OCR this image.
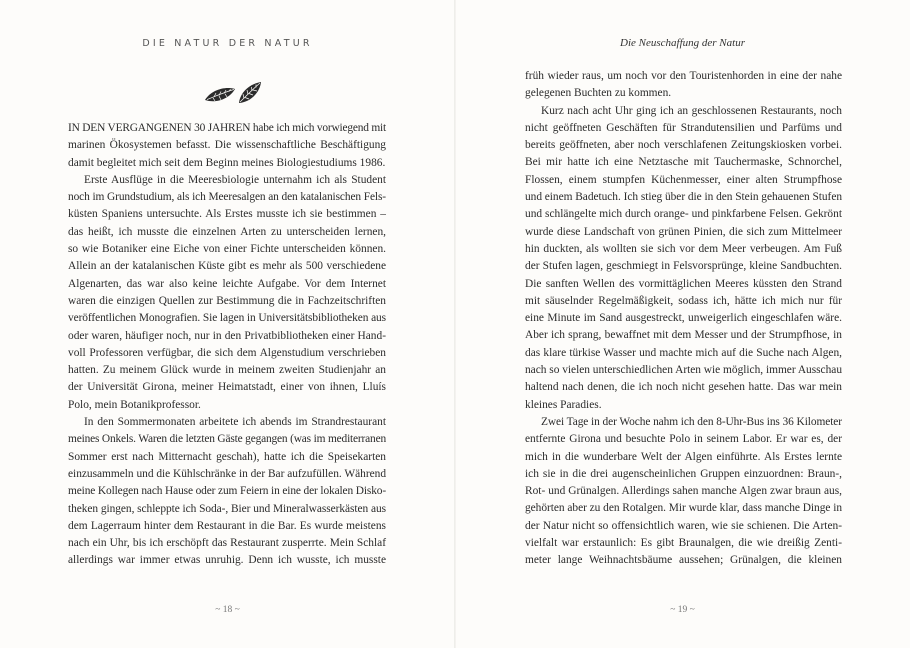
DIE NATUR DER NATUR
IN DEN VERGANGENEN 30 JAHREN habe ich mich vorwiegend mit
marinen Ökosystemen befasst. Die wissenschaftliche Beschäftigung
damit begleitet mich seit dem Beginn meines Biologiestudiums 1986.
Erste Ausflüge in die Meeresbiologie unternahm ich als Student
noch im Grundstudium, als ich Meeresalgen an den katalanischen Fels-
küsten Spaniens untersuchte. Als Erstes musste ich sie bestimmen –
das heißt, ich musste die einzelnen Arten zu unterscheiden lernen,
so wie Botaniker eine Eiche von einer Fichte unterscheiden können.
Allein an der katalanischen Küste gibt es mehr als 500 verschiedene
Algenarten, das war also keine leichte Aufgabe. Vor dem Internet
waren die einzigen Quellen zur Bestimmung die in Fachzeitschriften
veröffentlichen Monografien. Sie lagen in Universitätsbibliotheken aus
oder waren, häufiger noch, nur in den Privatbibliotheken einer Hand-
voll Professoren verfügbar, die sich dem Algenstudium verschrieben
hatten. Zu meinem Glück wurde in meinem zweiten Studienjahr an
der Universität Girona, meiner Heimatstadt, einer von ihnen, Lluís
Polo, mein Botanikprofessor.
In den Sommermonaten arbeitete ich abends im Strandrestaurant
meines Onkels. Waren die letzten Gäste gegangen (was im mediterranen
Sommer erst nach Mitternacht geschah), hatte ich die Speisekarten
einzusammeln und die Kühlschränke in der Bar aufzufüllen. Während
meine Kollegen nach Hause oder zum Feiern in eine der lokalen Disko-
theken gingen, schleppte ich Soda-, Bier und Mineralwasserkästen aus
dem Lagerraum hinter dem Restaurant in die Bar. Es wurde meistens
nach ein Uhr, bis ich erschöpft das Restaurant zusperrte. Mein Schlaf
allerdings war immer etwas unruhig. Denn ich wusste, ich musste
~ 18 ~
Die Neuschaffung der Natur
früh wieder raus, um noch vor den Touristenhorden in eine der nahe
gelegenen Buchten zu kommen.
Kurz nach acht Uhr ging ich an geschlossenen Restaurants, noch
nicht geöffneten Geschäften für Strandutensilien und Parfüms und
bereits geöffneten, aber noch verschlafenen Zeitungskiosken vorbei.
Bei mir hatte ich eine Netztasche mit Tauchermaske, Schnorchel,
Flossen, einem stumpfen Küchenmesser, einer alten Strumpfhose
und einem Badetuch. Ich stieg über die in den Stein gehauenen Stufen
und schlängelte mich durch orange- und pinkfarbene Felsen. Gekrönt
wurde diese Landschaft von grünen Pinien, die sich zum Mittelmeer
hin duckten, als wollten sie sich vor dem Meer verbeugen. Am Fuß
der Stufen lagen, geschmiegt in Felsvorsprünge, kleine Sandbuchten.
Die sanften Wellen des vormittäglichen Meeres küssten den Strand
mit säuselnder Regelmäßigkeit, sodass ich, hätte ich mich nur für
eine Minute im Sand ausgestreckt, unweigerlich eingeschlafen wäre.
Aber ich sprang, bewaffnet mit dem Messer und der Strumpfhose, in
das klare türkise Wasser und machte mich auf die Suche nach Algen,
nach so vielen unterschiedlichen Arten wie möglich, immer Ausschau
haltend nach denen, die ich noch nicht gesehen hatte. Das war mein
kleines Paradies.
Zwei Tage in der Woche nahm ich den 8-Uhr-Bus ins 36 Kilometer
entfernte Girona und besuchte Polo in seinem Labor. Er war es, der
mich in die wunderbare Welt der Algen einführte. Als Erstes lernte
ich sie in die drei augenscheinlichen Gruppen einzuordnen: Braun-,
Rot- und Grünalgen. Allerdings sahen manche Algen zwar braun aus,
gehörten aber zu den Rotalgen. Mir wurde klar, dass manche Dinge in
der Natur nicht so offensichtlich waren, wie sie schienen. Die Arten-
vielfalt war erstaunlich: Es gibt Braunalgen, die wie dreißig Zenti-
meter lange Weihnachtsbäume aussehen; Grünalgen, die kleinen
~ 19 ~
